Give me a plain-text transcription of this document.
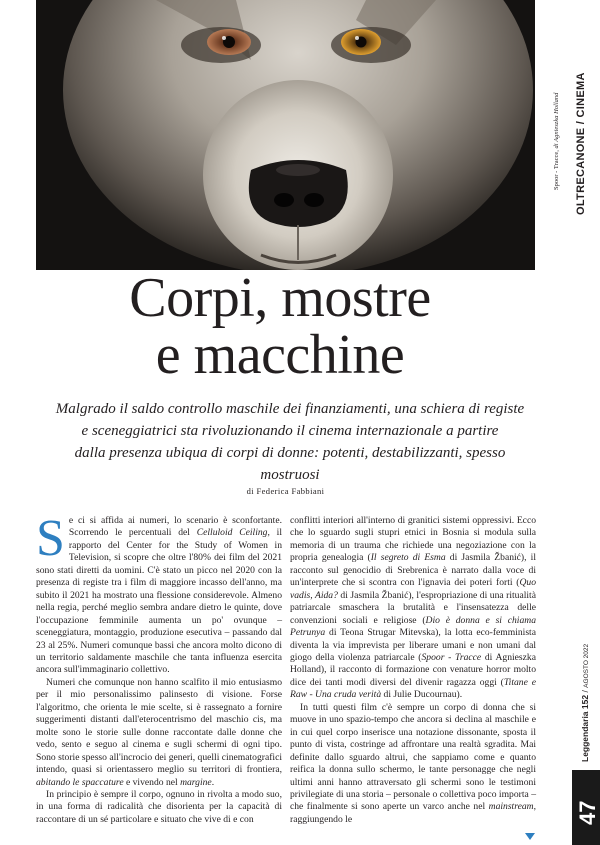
Spoor - Tracce, di Agnieszka Holland OLTRECANONE / CINEMA
Leggendaria 152 / AGOSTO 2022
47
Corpi, mostre
e macchine

Malgrado il saldo controllo maschile dei finanziamenti, una schiera di registe
e sceneggiatrici sta rivoluzionando il cinema internazionale a partire
dalla presenza ubiqua di corpi di donne: potenti, destabilizzanti, spesso mostruosi

di Federica Fabbiani

Se ci si affida ai numeri, lo scenario è sconfortante. Scorrendo le percentuali del Celluloid Ceiling, il rapporto del Center for the Study of Women in Television, si scopre che oltre l'80% dei film del 2021 sono stati diretti da uomini. C'è stato un picco nel 2020 con la presenza di registe tra i film di maggiore incasso dell'anno, ma subito il 2021 ha mostrato una flessione considerevole. Almeno nella regia, perché meglio sembra andare dietro le quinte, dove l'occupazione femminile aumenta un po' ovunque – sceneggiatura, montaggio, produzione esecutiva – passando dal 23 al 25%. Numeri comunque bassi che ancora molto dicono di un territorio saldamente maschile che tanta influenza esercita ancora sull'immaginario collettivo.

Numeri che comunque non hanno scalfito il mio entusiasmo per il mio personalissimo palinsesto di visione. Forse l'algoritmo, che orienta le mie scelte, si è rassegnato a fornire suggerimenti distanti dall'eterocentrismo del maschio cis, ma molte sono le storie sulle donne raccontate dalle donne che vedo, sento e seguo al cinema e sugli schermi di ogni tipo. Sono storie spesso all'incrocio dei generi, quelli cinematografici intendo, quasi si orientassero meglio su territori di frontiera, abitando le spaccature e vivendo nel margine.

In principio è sempre il corpo, ognuno in rivolta a modo suo, in una forma di radicalità che disorienta per la capacità di raccontare di un sé particolare e situato che vive di e con

conflitti interiori all'interno di granitici sistemi oppressivi. Ecco che lo sguardo sugli stupri etnici in Bosnia si modula sulla memoria di un trauma che richiede una negoziazione con la propria genealogia (Il segreto di Esma di Jasmila Žbanić), il racconto sul genocidio di Srebrenica è narrato dalla voce di un'interprete che si scontra con l'ignavia dei poteri forti (Quo vadis, Aida? di Jasmila Žbanić), l'espropriazione di una ritualità patriarcale smaschera la brutalità e l'insensatezza delle convenzioni sociali e religiose (Dio è donna e si chiama Petrunya di Teona Strugar Mitevska), la lotta eco-femminista diventa la via imprevista per liberare umani e non umani dal giogo della violenza patriarcale (Spoor - Tracce di Agnieszka Holland), il racconto di formazione con venature horror molto dice dei tanti modi diversi del divenir ragazza oggi (Titane e Raw - Una cruda verità di Julie Ducournau).

In tutti questi film c'è sempre un corpo di donna che si muove in uno spazio-tempo che ancora si declina al maschile e in cui quel corpo inserisce una notazione dissonante, sposta il punto di vista, costringe ad affrontare una realtà sgradita. Mai definite dallo sguardo altrui, che sappiamo come e quanto reifica la donna sullo schermo, le tante personagge che negli ultimi anni hanno attraversato gli schermi sono le testimoni privilegiate di una storia – personale o collettiva poco importa – che finalmente si sono aperte un varco anche nel mainstream, raggiungendo le
